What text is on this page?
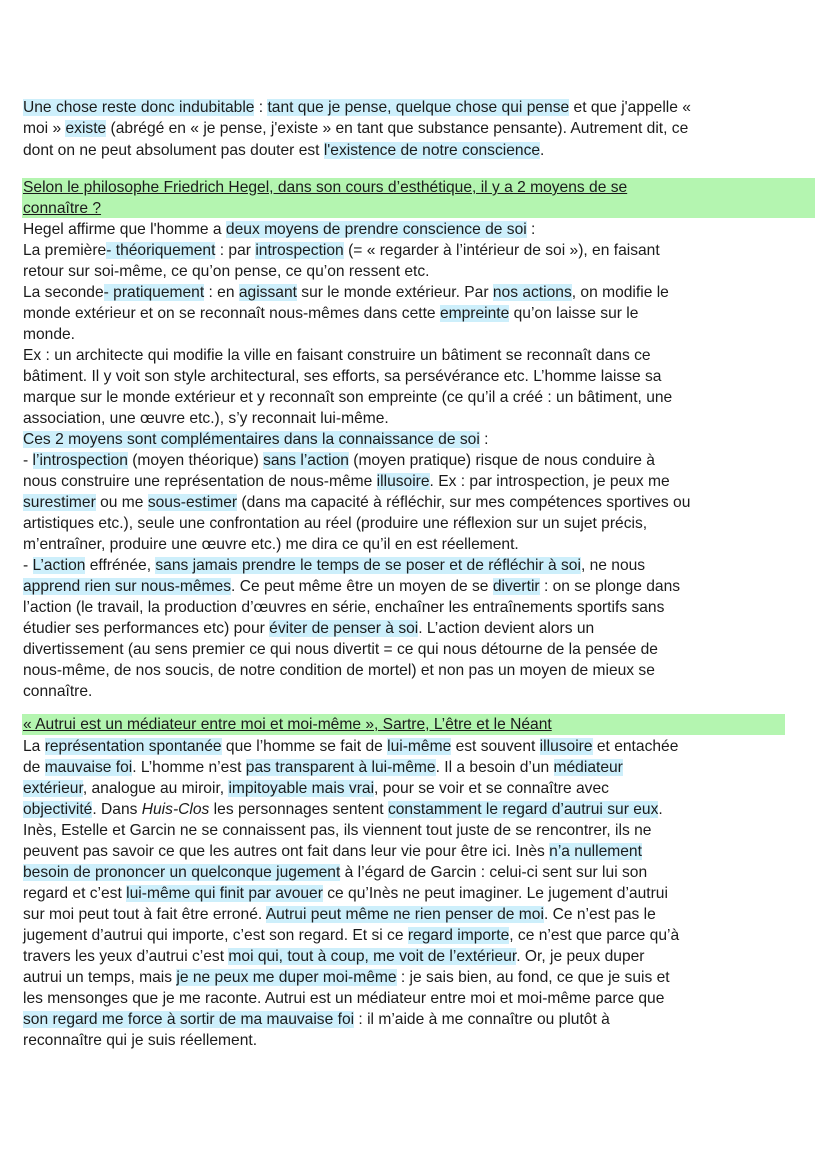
Une chose reste donc indubitable : tant que je pense, quelque chose qui pense et que j'appelle «
moi » existe (abrégé en « je pense, j'existe » en tant que substance pensante). Autrement dit, ce
dont on ne peut absolument pas douter est l'existence de notre conscience.
Selon le philosophe Friedrich Hegel, dans son cours d’esthétique, il y a 2 moyens de se
connaître ?
Hegel affirme que l'homme a deux moyens de prendre conscience de soi :
La première- théoriquement : par introspection (= « regarder à l’intérieur de soi »), en faisant
retour sur soi-même, ce qu’on pense, ce qu’on ressent etc.
La seconde- pratiquement : en agissant sur le monde extérieur. Par nos actions, on modifie le
monde extérieur et on se reconnaît nous-mêmes dans cette empreinte qu’on laisse sur le
monde.
Ex : un architecte qui modifie la ville en faisant construire un bâtiment se reconnaît dans ce
bâtiment. Il y voit son style architectural, ses efforts, sa persévérance etc. L’homme laisse sa
marque sur le monde extérieur et y reconnaît son empreinte (ce qu’il a créé : un bâtiment, une
association, une œuvre etc.), s’y reconnait lui-même.
Ces 2 moyens sont complémentaires dans la connaissance de soi :
- l’introspection (moyen théorique) sans l’action (moyen pratique) risque de nous conduire à
nous construire une représentation de nous-même illusoire. Ex : par introspection, je peux me
surestimer ou me sous-estimer (dans ma capacité à réfléchir, sur mes compétences sportives ou
artistiques etc.), seule une confrontation au réel (produire une réflexion sur un sujet précis,
m’entraîner, produire une œuvre etc.) me dira ce qu’il en est réellement.
- L’action effrénée, sans jamais prendre le temps de se poser et de réfléchir à soi, ne nous
apprend rien sur nous-mêmes. Ce peut même être un moyen de se divertir : on se plonge dans
l’action (le travail, la production d’œuvres en série, enchaîner les entraînements sportifs sans
étudier ses performances etc) pour éviter de penser à soi. L’action devient alors un
divertissement (au sens premier ce qui nous divertit = ce qui nous détourne de la pensée de
nous-même, de nos soucis, de notre condition de mortel) et non pas un moyen de mieux se
connaître.
« Autrui est un médiateur entre moi et moi-même », Sartre, L’être et le Néant
La représentation spontanée que l’homme se fait de lui-même est souvent illusoire et entachée
de mauvaise foi. L’homme n’est pas transparent à lui-même. Il a besoin d’un médiateur
extérieur, analogue au miroir, impitoyable mais vrai, pour se voir et se connaître avec
objectivité. Dans Huis-Clos les personnages sentent constamment le regard d’autrui sur eux.
Inès, Estelle et Garcin ne se connaissent pas, ils viennent tout juste de se rencontrer, ils ne
peuvent pas savoir ce que les autres ont fait dans leur vie pour être ici. Inès n’a nullement
besoin de prononcer un quelconque jugement à l’égard de Garcin : celui-ci sent sur lui son
regard et c’est lui-même qui finit par avouer ce qu’Inès ne peut imaginer. Le jugement d’autrui
sur moi peut tout à fait être erroné. Autrui peut même ne rien penser de moi. Ce n’est pas le
jugement d’autrui qui importe, c’est son regard. Et si ce regard importe, ce n’est que parce qu’à
travers les yeux d’autrui c’est moi qui, tout à coup, me voit de l’extérieur. Or, je peux duper
autrui un temps, mais je ne peux me duper moi-même : je sais bien, au fond, ce que je suis et
les mensonges que je me raconte. Autrui est un médiateur entre moi et moi-même parce que
son regard me force à sortir de ma mauvaise foi : il m’aide à me connaître ou plutôt à
reconnaître qui je suis réellement.
